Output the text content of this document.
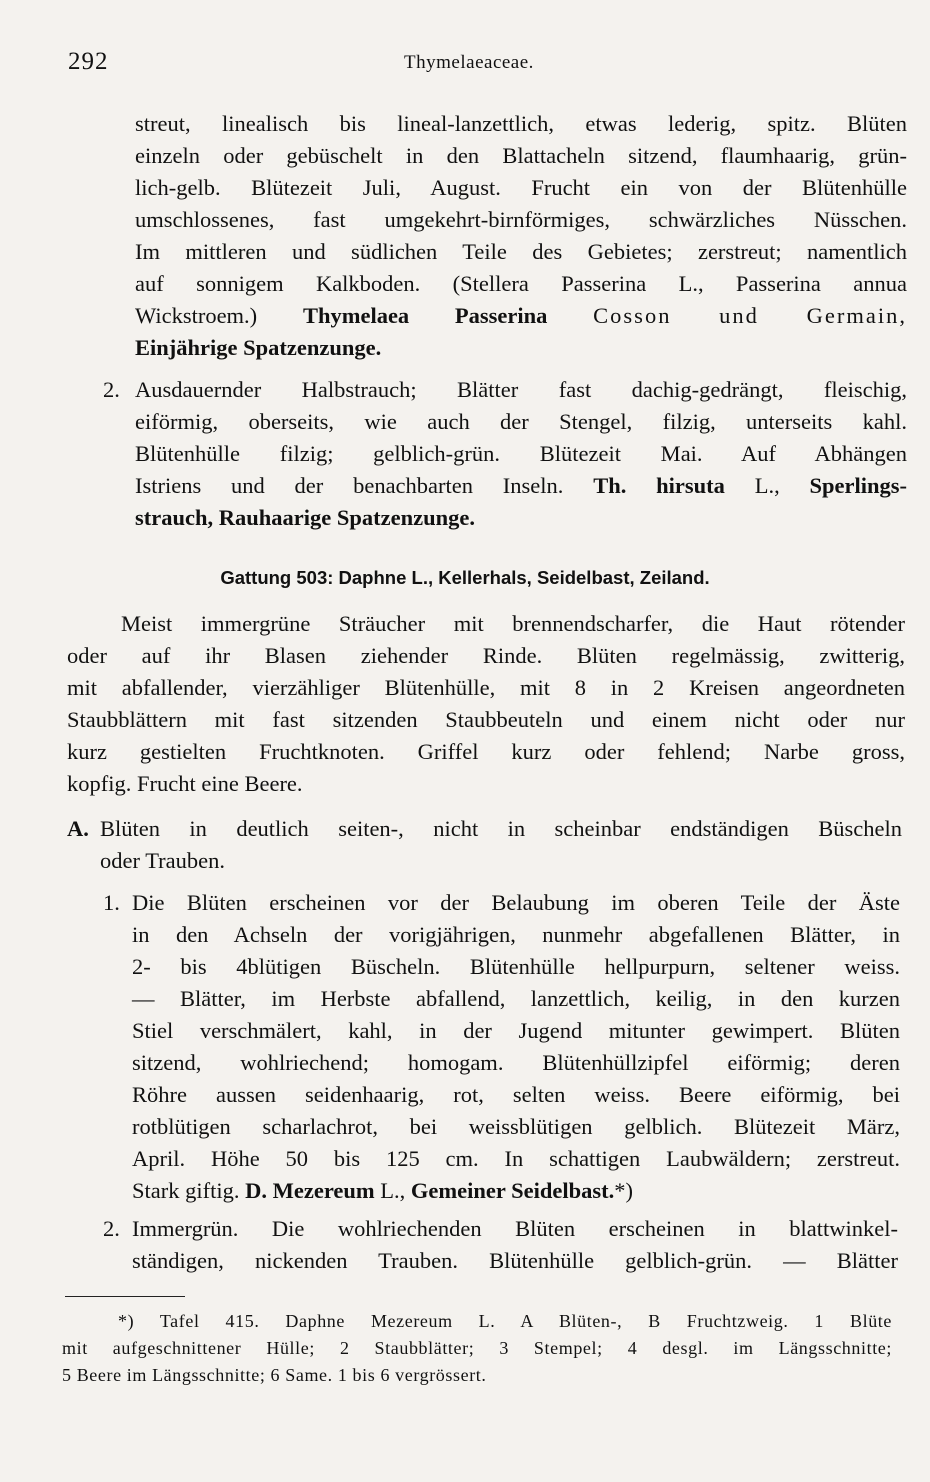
292	Thymelaeaceae.
streut, linealisch bis lineal-lanzettlich, etwas lederig, spitz. Blüten
einzeln oder gebüschelt in den Blattacheln sitzend, flaumhaarig, grün-
lich-gelb. Blütezeit Juli, August. Frucht ein von der Blütenhülle
umschlossenes, fast umgekehrt-birnförmiges, schwärzliches Nüsschen.
Im mittleren und südlichen Teile des Gebietes; zerstreut; namentlich
auf sonnigem Kalkboden. (Stellera Passerina L., Passerina annua
Wickstroem.) Thymelaea Passerina Cosson und Germain,
Einjährige Spatzenzunge.
2. Ausdauernder Halbstrauch; Blätter fast dachig-gedrängt, fleischig,
eiförmig, oberseits, wie auch der Stengel, filzig, unterseits kahl.
Blütenhülle filzig; gelblich-grün. Blütezeit Mai. Auf Abhängen
Istriens und der benachbarten Inseln. Th. hirsuta L., Sperlings-
strauch, Rauhaarige Spatzenzunge.
Gattung 503: Daphne L., Kellerhals, Seidelbast, Zeiland.
Meist immergrüne Sträucher mit brennendscharfer, die Haut rötender
oder auf ihr Blasen ziehender Rinde. Blüten regelmässig, zwitterig,
mit abfallender, vierzähliger Blütenhülle, mit 8 in 2 Kreisen angeordneten
Staubblättern mit fast sitzenden Staubbeuteln und einem nicht oder nur
kurz gestielten Fruchtknoten. Griffel kurz oder fehlend; Narbe gross,
kopfig. Frucht eine Beere.
A. Blüten in deutlich seiten-, nicht in scheinbar endständigen Büscheln
oder Trauben.
1. Die Blüten erscheinen vor der Belaubung im oberen Teile der Äste
in den Achseln der vorigjährigen, nunmehr abgefallenen Blätter, in
2- bis 4blütigen Büscheln. Blütenhülle hellpurpurn, seltener weiss.
— Blätter, im Herbste abfallend, lanzettlich, keilig, in den kurzen
Stiel verschmälert, kahl, in der Jugend mitunter gewimpert. Blüten
sitzend, wohlriechend; homogam. Blütenhüllzipfel eiförmig; deren
Röhre aussen seidenhaarig, rot, selten weiss. Beere eiförmig, bei
rotblütigen scharlachrot, bei weissblütigen gelblich. Blütezeit März,
April. Höhe 50 bis 125 cm. In schattigen Laubwäldern; zerstreut.
Stark giftig. D. Mezereum L., Gemeiner Seidelbast.*)
2. Immergrün. Die wohlriechenden Blüten erscheinen in blattwinkel-
ständigen, nickenden Trauben. Blütenhülle gelblich-grün. — Blätter
*) Tafel 415. Daphne Mezereum L. A Blüten-, B Fruchtzweig. 1 Blüte
mit aufgeschnittener Hülle; 2 Staubblätter; 3 Stempel; 4 desgl. im Längsschnitte;
5 Beere im Längsschnitte; 6 Same. 1 bis 6 vergrössert.
